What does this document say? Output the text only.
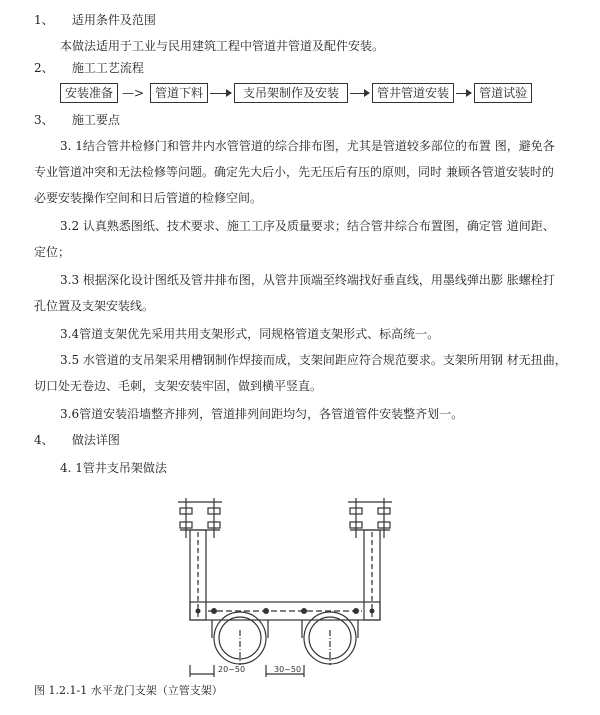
1、 适用条件及范围
本做法适用于工业与民用建筑工程中管道井管道及配件安装。
2、 施工工艺流程
安装准备 —> 管道下料	支吊架制作及安装	管井管道安装	管道试验
3、 施工要点
3. 1结合管井检修门和管井内水管管道的综合排布图，尤其是管道较多部位的布置 图，避免各
专业管道冲突和无法检修等问题。确定先大后小，先无压后有压的原则，同时 兼顾各管道安装时的
必要安装操作空间和日后管道的检修空间。
3.2 认真熟悉图纸、技术要求、施工工序及质量要求；结合管井综合布置图，确定管 道间距、
定位；
3.3 根据深化设计图纸及管井排布图，从管井顶端至终端找好垂直线，用墨线弹出膨 胀螺栓打
孔位置及支架安装线。
3.4管道支架优先采用共用支架形式，同规格管道支架形式、标高统一。
3.5 水管道的支吊架采用槽钢制作焊接而成，支架间距应符合规范要求。支架所用钢 材无扭曲，
切口处无卷边、毛刺，支架安装牢固，做到横平竖直。
3.6管道安装沿墙整齐排列，管道排列间距均匀，各管道管件安装整齐划一。
4、 做法详图
4. 1管井支吊架做法
20~50	30~50
图 1.2.1-1 水平龙门支架（立管支架）
